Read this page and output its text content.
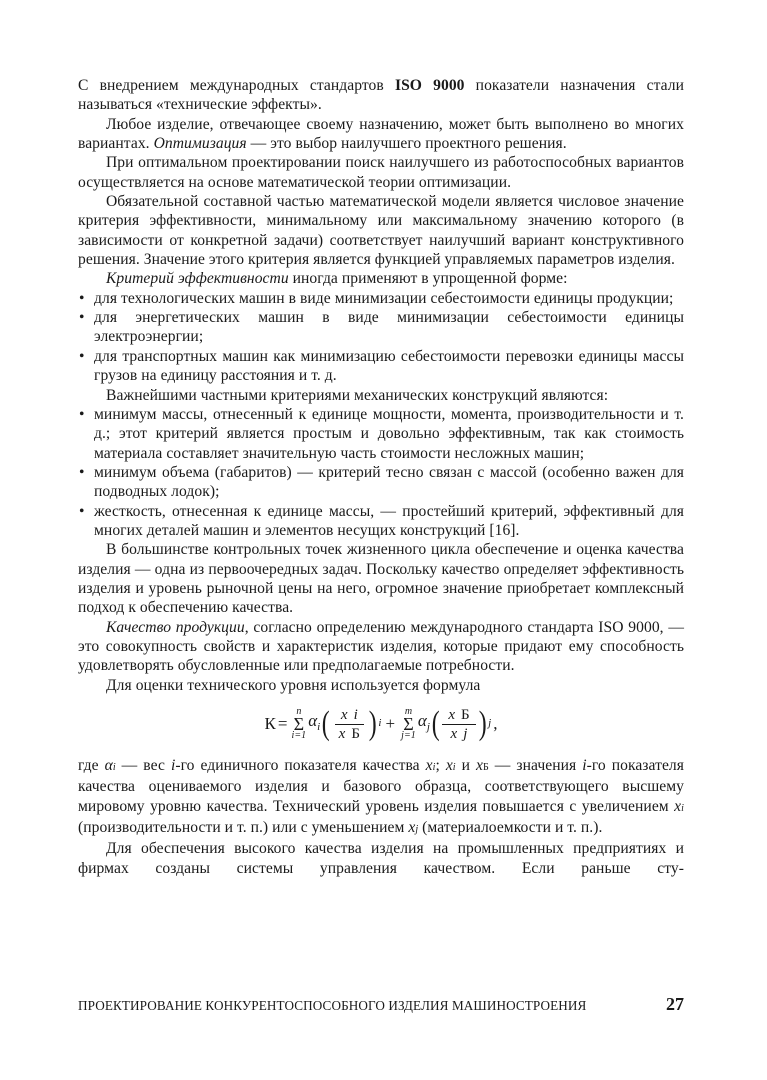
С внедрением международных стандартов ISO 9000 показатели назначения стали называться «технические эффекты».

Любое изделие, отвечающее своему назначению, может быть выполнено во многих вариантах. Оптимизация — это выбор наилучшего проектного решения.

При оптимальном проектировании поиск наилучшего из работоспособных вариантов осуществляется на основе математической теории оптимизации.

Обязательной составной частью математической модели является числовое значение критерия эффективности, минимальному или максимальному значению которого (в зависимости от конкретной задачи) соответствует наилучший вариант конструктивного решения. Значение этого критерия является функцией управляемых параметров изделия.

Критерий эффективности иногда применяют в упрощенной форме:

• для технологических машин в виде минимизации себестоимости единицы продукции;
• для энергетических машин в виде минимизации себестоимости единицы электроэнергии;
• для транспортных машин как минимизацию себестоимости перевозки единицы массы грузов на единицу расстояния и т. д.

Важнейшими частными критериями механических конструкций являются:

• минимум массы, отнесенный к единице мощности, момента, производительности и т. д.; этот критерий является простым и довольно эффективным, так как стоимость материала составляет значительную часть стоимости несложных машин;
• минимум объема (габаритов) — критерий тесно связан с массой (особенно важен для подводных лодок);
• жесткость, отнесенная к единице массы, — простейший критерий, эффективный для многих деталей машин и элементов несущих конструкций [16].

В большинстве контрольных точек жизненного цикла обеспечение и оценка качества изделия — одна из первоочередных задач. Поскольку качество определяет эффективность изделия и уровень рыночной цены на него, огромное значение приобретает комплексный подход к обеспечению качества.

Качество продукции, согласно определению международного стандарта ISO 9000, — это совокупность свойств и характеристик изделия, которые придают ему способность удовлетворять обусловленные или предполагаемые потребности.

Для оценки технического уровня используется формула

К =
n
Σ
i=1
$\alpha_i$ ( $\frac{\text{x i}}{\text{x Б}}$ ) i +
m
Σ
j=1
$\alpha_j$ ( $\frac{\text{x Б}}{\text{x j}}$ ) j ,

где αi — вес i-го единичного показателя качества xi; xi и xБ — значения i-го показателя качества оцениваемого изделия и базового образца, соответствующего высшему мировому уровню качества. Технический уровень изделия повышается с увеличением xi (производительности и т. п.) или с уменьшением xj (материалоемкости и т. п.).

Для обеспечения высокого качества изделия на промышленных предприятиях и фирмах созданы системы управления качеством. Если раньше сту-

ПРОЕКТИРОВАНИЕ КОНКУРЕНТОСПОСОБНОГО ИЗДЕЛИЯ МАШИНОСТРОЕНИЯ	27
